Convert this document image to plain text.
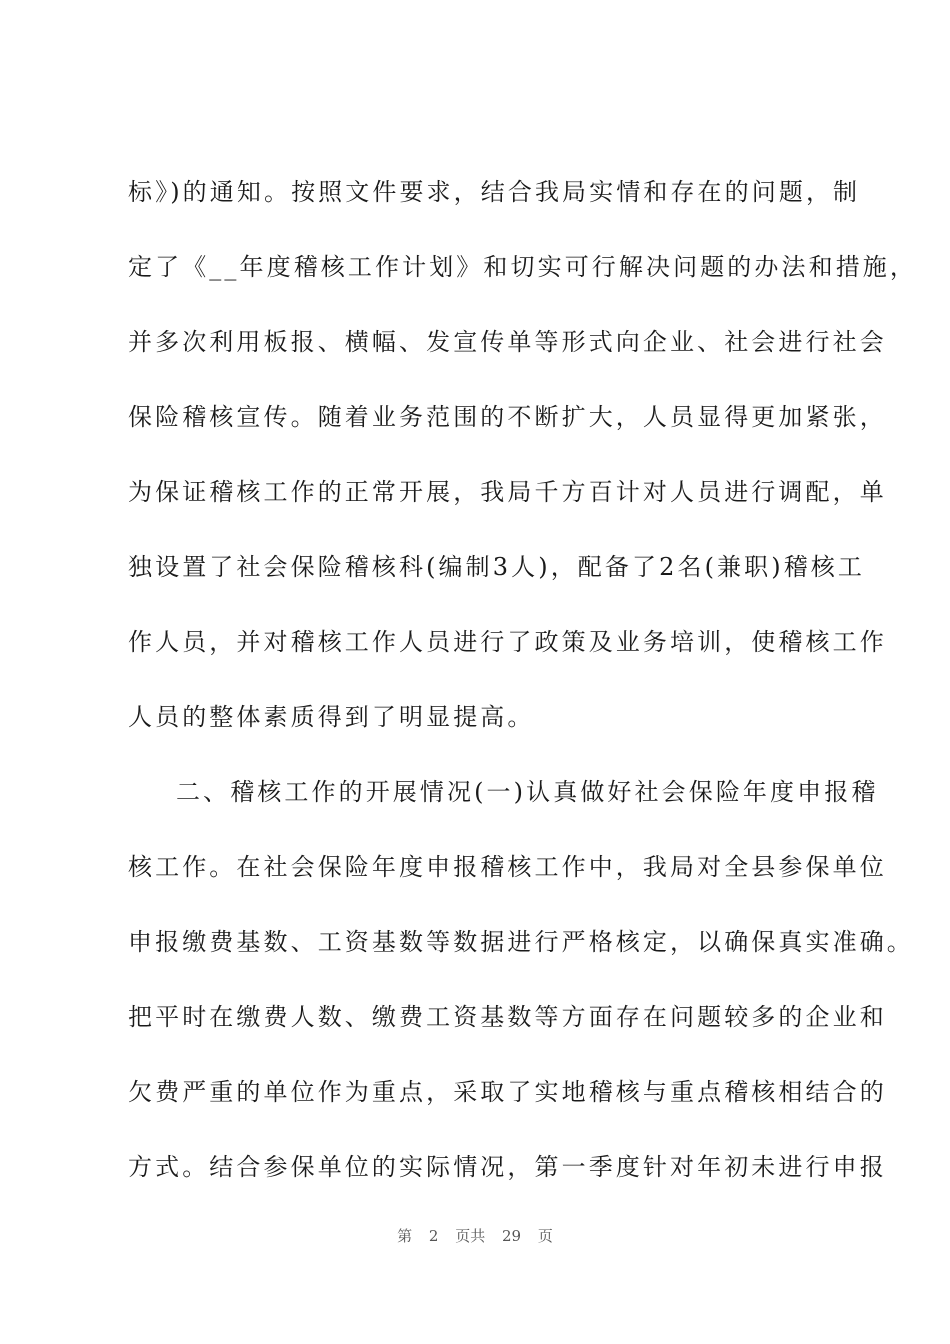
标》)的通知。按照文件要求，结合我局实情和存在的问题，制
定了《__年度稽核工作计划》和切实可行解决问题的办法和措施，
并多次利用板报、横幅、发宣传单等形式向企业、社会进行社会
保险稽核宣传。随着业务范围的不断扩大，人员显得更加紧张，
为保证稽核工作的正常开展，我局千方百计对人员进行调配，单
独设置了社会保险稽核科(编制3人)，配备了2名(兼职)稽核工
作人员，并对稽核工作人员进行了政策及业务培训，使稽核工作
人员的整体素质得到了明显提高。
二、稽核工作的开展情况(一)认真做好社会保险年度申报稽
核工作。在社会保险年度申报稽核工作中，我局对全县参保单位
申报缴费基数、工资基数等数据进行严格核定，以确保真实准确。
把平时在缴费人数、缴费工资基数等方面存在问题较多的企业和
欠费严重的单位作为重点，采取了实地稽核与重点稽核相结合的
方式。结合参保单位的实际情况，第一季度针对年初未进行申报
第 2 页共 29 页
